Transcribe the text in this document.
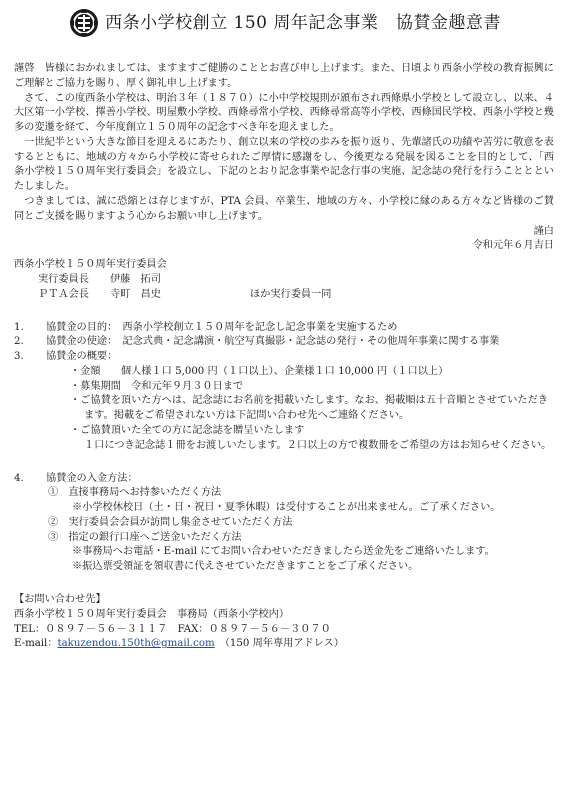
西条小学校創立 150 周年記念事業　協賛金趣意書

謹啓　皆様におかれましては、ますますご健勝のこととお喜び申し上げます。また、日頃より西条小学校の教育振興にご理解とご協力を賜り、厚く御礼申し上げます。

さて、この度西条小学校は、明治３年（１８７０）に小中学校規則が頒布され西條県小学校として設立し、以来、４大区第一小学校、擇善小学校、明屋敷小学校、西條尋常小学校、西條尋常高等小学校、西條国民学校、西条小学校と幾多の変遷を経て、今年度創立１５０周年の記念すべき年を迎えました。

一世紀半という大きな節目を迎えるにあたり、創立以来の学校の歩みを振り返り、先輩諸氏の功績や苦労に敬意を表するとともに、地域の方々から小学校に寄せられたご厚情に感謝をし、今後更なる発展を図ることを目的として、「西条小学校１５０周年実行委員会」を設立し、下記のとおり記念事業や記念行事の実施、記念誌の発行を行うこととといたしました。

つきましては、誠に恐縮とは存じますが、PTA 会員、卒業生、地域の方々、小学校に縁のある方々など皆様のご賛同とご支援を賜りますよう心からお願い申し上げます。

謹白

令和元年６月吉日

西条小学校１５０周年実行委員会
実行委員長	伊藤　拓司
ＰＴＡ会長	寺町　昌史	ほか実行委員一同
1.	協賛金の目的：　西条小学校創立１５０周年を記念し記念事業を実施するため
2.	協賛金の使途：　記念式典・記念講演・航空写真撮影・記念誌の発行・その他周年事業に関する事業
3.	協賛金の概要：
・金額　　個人様１口 5,000 円（１口以上）、企業様１口 10,000 円（１口以上）
・募集期間　令和元年９月３０日まで
・ご協賛を頂いた方へは、記念誌にお名前を掲載いたします。なお、掲載順は五十音順とさせていただき
ます。掲載をご希望されない方は下記問い合わせ先へご連絡ください。
・ご協賛頂いた全ての方に記念誌を贈呈いたします
１口につき記念誌１冊をお渡しいたします。２口以上の方で複数冊をご希望の方はお知らせください。
4.	協賛金の入金方法：
①　直接事務局へお持参いただく方法
※小学校休校日（土・日・祝日・夏季休暇）は受付することが出来ません。ご了承ください。
②　実行委員会会員が訪問し集金させていただく方法
③　指定の銀行口座へご送金いただく方法
※事務局へお電話・E-mail にてお問い合わせいただきましたら送金先をご連絡いたします。
※振込票受領証を領収書に代えさせていただきますことをご了承ください。
【お問い合わせ先】
西条小学校１５０周年実行委員会　事務局（西条小学校内）
TEL：０８９７－５６－３１１７　FAX：０８９７－５６－３０７０
E-mail：takuzendou.150th@gmail.com　 （150 周年専用アドレス）
